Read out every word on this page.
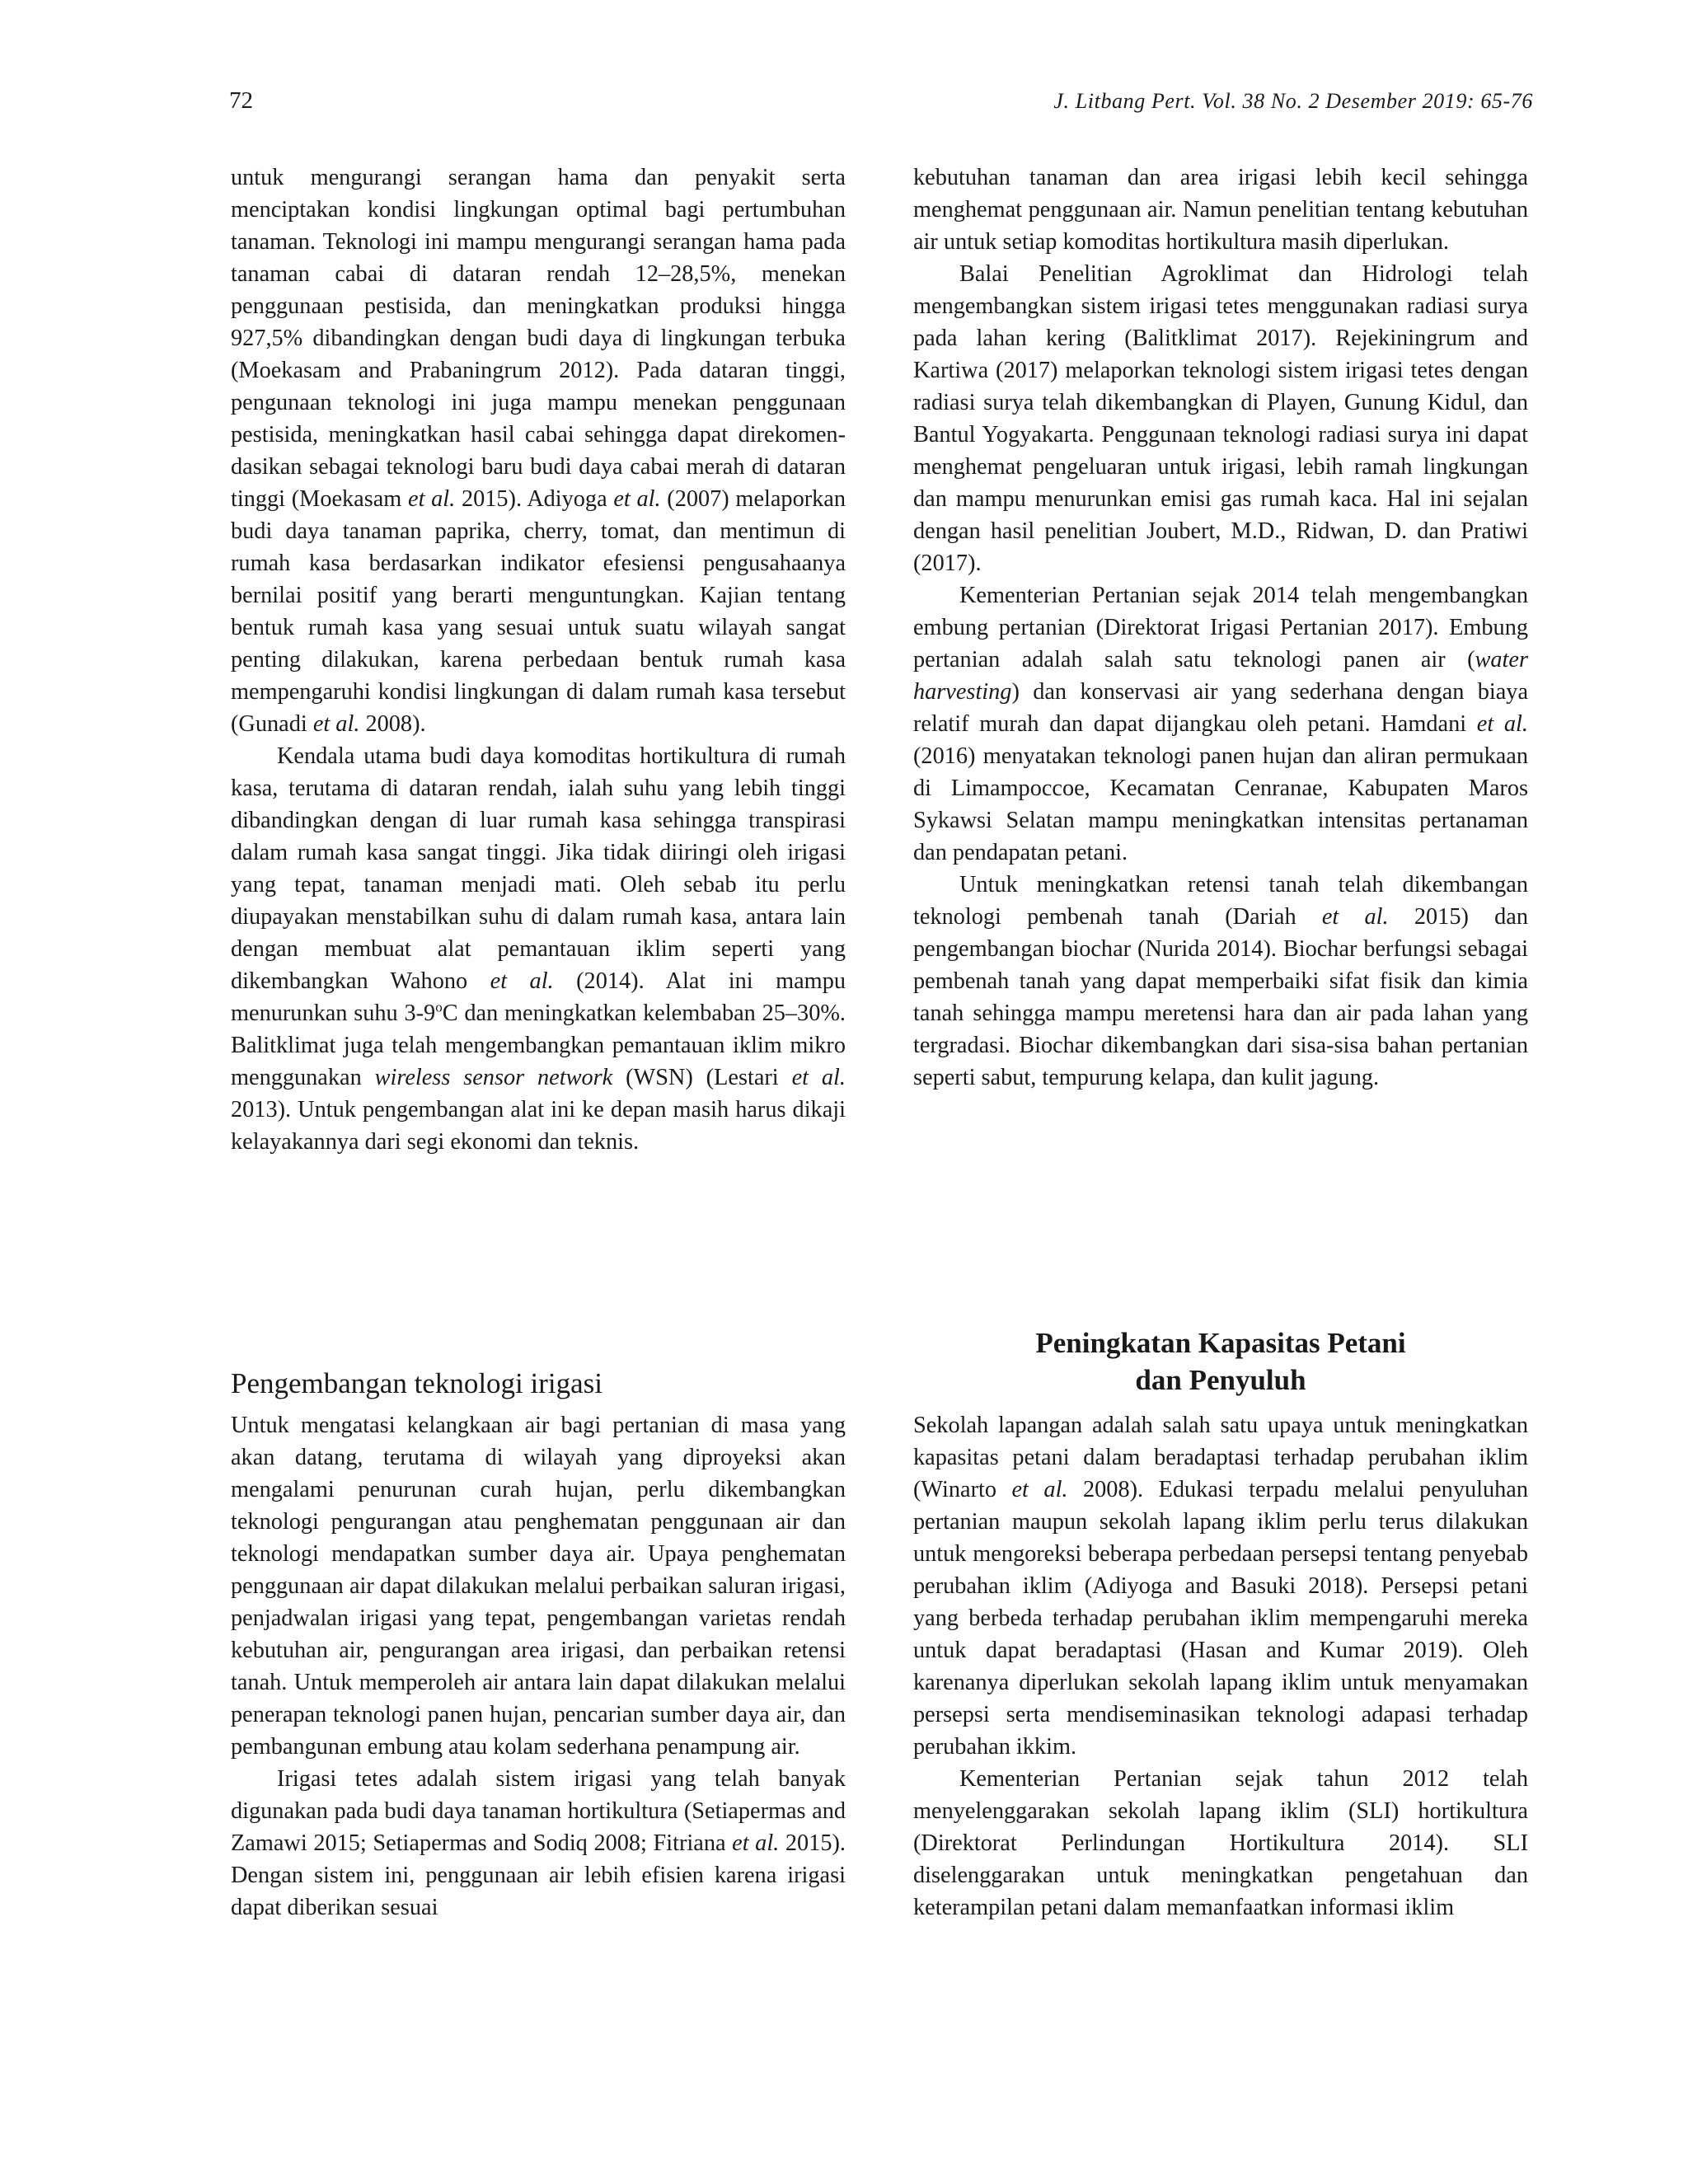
72	J. Litbang Pert. Vol. 38 No. 2 Desember 2019: 65-76

untuk mengurangi serangan hama dan penyakit serta menciptakan kondisi lingkungan optimal bagi pertumbuhan tanaman. Teknologi ini mampu mengurangi serangan hama pada tanaman cabai di dataran rendah 12–28,5%, menekan penggunaan pestisida, dan meningkatkan produksi hingga 927,5% dibandingkan dengan budi daya di lingkungan terbuka (Moekasam and Prabaningrum 2012). Pada dataran tinggi, pengunaan teknologi ini juga mampu menekan penggunaan pestisida, meningkatkan hasil cabai sehingga dapat direkomen-dasikan sebagai teknologi baru budi daya cabai merah di dataran tinggi (Moekasam et al. 2015). Adiyoga et al. (2007) melaporkan budi daya tanaman paprika, cherry, tomat, dan mentimun di rumah kasa berdasarkan indikator efesiensi pengusahaanya bernilai positif yang berarti menguntungkan. Kajian tentang bentuk rumah kasa yang sesuai untuk suatu wilayah sangat penting dilakukan, karena perbedaan bentuk rumah kasa mempengaruhi kondisi lingkungan di dalam rumah kasa tersebut (Gunadi et al. 2008).

Kendala utama budi daya komoditas hortikultura di rumah kasa, terutama di dataran rendah, ialah suhu yang lebih tinggi dibandingkan dengan di luar rumah kasa sehingga transpirasi dalam rumah kasa sangat tinggi. Jika tidak diiringi oleh irigasi yang tepat, tanaman menjadi mati. Oleh sebab itu perlu diupayakan menstabilkan suhu di dalam rumah kasa, antara lain dengan membuat alat pemantauan iklim seperti yang dikembangkan Wahono et al. (2014). Alat ini mampu menurunkan suhu 3-9$^o$C dan meningkatkan kelembaban 25–30%. Balitklimat juga telah mengembangkan pemantauan iklim mikro menggunakan wireless sensor network (WSN) (Lestari et al. 2013). Untuk pengembangan alat ini ke depan masih harus dikaji kelayakannya dari segi ekonomi dan teknis.

Pengembangan teknologi irigasi

Untuk mengatasi kelangkaan air bagi pertanian di masa yang akan datang, terutama di wilayah yang diproyeksi akan mengalami penurunan curah hujan, perlu dikembangkan teknologi pengurangan atau penghematan penggunaan air dan teknologi mendapatkan sumber daya air. Upaya penghematan penggunaan air dapat dilakukan melalui perbaikan saluran irigasi, penjadwalan irigasi yang tepat, pengembangan varietas rendah kebutuhan air, pengurangan area irigasi, dan perbaikan retensi tanah. Untuk memperoleh air antara lain dapat dilakukan melalui penerapan teknologi panen hujan, pencarian sumber daya air, dan pembangunan embung atau kolam sederhana penampung air.

Irigasi tetes adalah sistem irigasi yang telah banyak digunakan pada budi daya tanaman hortikultura (Setiapermas and Zamawi 2015; Setiapermas and Sodiq 2008; Fitriana et al. 2015). Dengan sistem ini, penggunaan air lebih efisien karena irigasi dapat diberikan sesuai

kebutuhan tanaman dan area irigasi lebih kecil sehingga menghemat penggunaan air. Namun penelitian tentang kebutuhan air untuk setiap komoditas hortikultura masih diperlukan.

Balai Penelitian Agroklimat dan Hidrologi telah mengembangkan sistem irigasi tetes menggunakan radiasi surya pada lahan kering (Balitklimat 2017). Rejekiningrum and Kartiwa (2017) melaporkan teknologi sistem irigasi tetes dengan radiasi surya telah dikembangkan di Playen, Gunung Kidul, dan Bantul Yogyakarta. Penggunaan teknologi radiasi surya ini dapat menghemat pengeluaran untuk irigasi, lebih ramah lingkungan dan mampu menurunkan emisi gas rumah kaca. Hal ini sejalan dengan hasil penelitian Joubert, M.D., Ridwan, D. dan Pratiwi (2017).

Kementerian Pertanian sejak 2014 telah mengembangkan embung pertanian (Direktorat Irigasi Pertanian 2017). Embung pertanian adalah salah satu teknologi panen air (water harvesting) dan konservasi air yang sederhana dengan biaya relatif murah dan dapat dijangkau oleh petani. Hamdani et al. (2016) menyatakan teknologi panen hujan dan aliran permukaan di Limampoccoe, Kecamatan Cenranae, Kabupaten Maros Sykawsi Selatan mampu meningkatkan intensitas pertanaman dan pendapatan petani.

Untuk meningkatkan retensi tanah telah dikembangan teknologi pembenah tanah (Dariah et al. 2015) dan pengembangan biochar (Nurida 2014). Biochar berfungsi sebagai pembenah tanah yang dapat memperbaiki sifat fisik dan kimia tanah sehingga mampu meretensi hara dan air pada lahan yang tergradasi. Biochar dikembangkan dari sisa-sisa bahan pertanian seperti sabut, tempurung kelapa, dan kulit jagung.

Peningkatan Kapasitas Petani
dan Penyuluh

Sekolah lapangan adalah salah satu upaya untuk meningkatkan kapasitas petani dalam beradaptasi terhadap perubahan iklim (Winarto et al. 2008). Edukasi terpadu melalui penyuluhan pertanian maupun sekolah lapang iklim perlu terus dilakukan untuk mengoreksi beberapa perbedaan persepsi tentang penyebab perubahan iklim (Adiyoga and Basuki 2018). Persepsi petani yang berbeda terhadap perubahan iklim mempengaruhi mereka untuk dapat beradaptasi (Hasan and Kumar 2019). Oleh karenanya diperlukan sekolah lapang iklim untuk menyamakan persepsi serta mendiseminasikan teknologi adapasi terhadap perubahan ikkim.

Kementerian Pertanian sejak tahun 2012 telah menyelenggarakan sekolah lapang iklim (SLI) hortikultura (Direktorat Perlindungan Hortikultura 2014). SLI diselenggarakan untuk meningkatkan pengetahuan dan keterampilan petani dalam memanfaatkan informasi iklim
